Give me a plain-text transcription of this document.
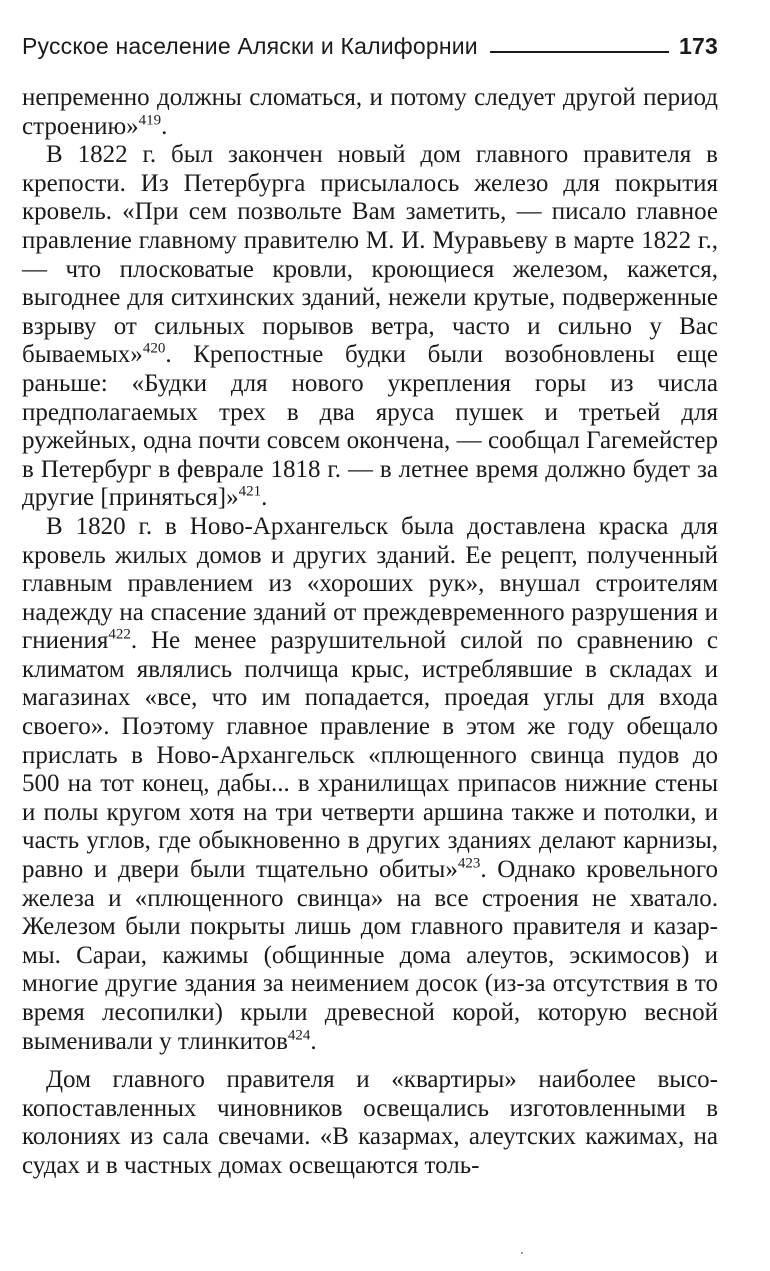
Русское население Аляски и Калифорнии	173

непременно должны сломаться, и потому следует другой период строению»$^{419}$.

В 1822 г. был закончен новый дом главного правителя в крепости. Из Петербурга присылалось железо для покрытия кровель. «При сем позвольте Вам заметить, — писало главное правление главному правителю М. И. Муравьеву в марте 1822 г., — что плосковатые кровли, кроющиеся железом, кажется, выгоднее для ситхинских зданий, нежели крутые, подверженные взрыву от сильных порывов ветра, часто и сильно у Вас бываемых»$^{420}$. Крепостные будки были возобновлены еще раньше: «Будки для нового укрепления горы из числа предполагаемых трех в два яруса пушек и третьей для ружейных, одна почти совсем окончена, — сообщал Гагемейстер в Петербург в феврале 1818 г. — в летнее время должно будет за другие [приняться]»$^{421}$.

В 1820 г. в Ново-Архангельск была доставлена краска для кровель жилых домов и других зданий. Ее рецепт, полученный главным правлением из «хороших рук», внушал строителям надежду на спасение зданий от преждевременного разрушения и гниения$^{422}$. Не менее разрушительной силой по сравнению с климатом являлись полчища крыс, истреблявшие в складах и магазинах «все, что им попадается, проедая углы для входа своего». Поэтому главное правление в этом же году обещало прислать в Ново-Архангельск «плющенного свинца пудов до 500 на тот конец, дабы... в хранилищах припасов нижние стены и полы кругом хотя на три четверти аршина также и потолки, и часть углов, где обыкновенно в других зданиях делают карнизы, равно и двери были тщательно обиты»$^{423}$. Однако кровельного железа и «плющенного свинца» на все строения не хватало. Железом были покрыты лишь дом главного правителя и казармы. Сараи, кажимы (общинные дома алеутов, эскимосов) и многие другие здания за неимением досок (из-за отсутствия в то время лесопилки) крыли древесной корой, которую весной выменивали у тлинкитов$^{424}$.

Дом главного правителя и «квартиры» наиболее высокопоставленных чиновников освещались изготовленными в колониях из сала свечами. «В казармах, алеутских кажимах, на судах и в частных домах освещаются толь-
